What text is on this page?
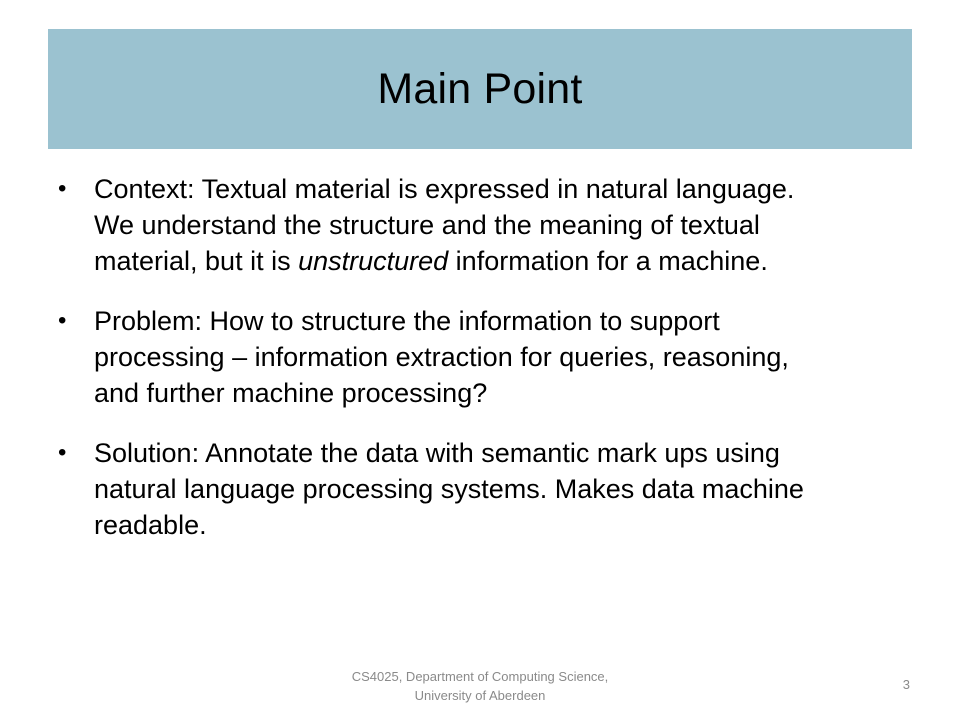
Main Point
•	Context: Textual material is expressed in natural language.
We understand the structure and the meaning of textual
material, but it is unstructured information for a machine.
•	Problem: How to structure the information to support
processing – information extraction for queries, reasoning,
and further machine processing?
•	Solution: Annotate the data with semantic mark ups using
natural language processing systems. Makes data machine
readable.
CS4025, Department of Computing Science,
University of Aberdeen
3
